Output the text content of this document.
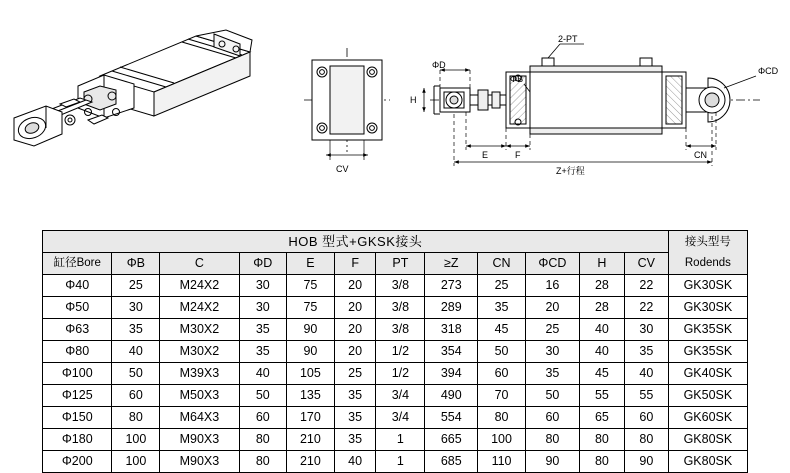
CV
ΦD
H
2-PT
ΦB
ΦCD
E	F	CN
Z+行程
HOB 型式+GKSK接头												接头型号 Rodends
缸径Bore	ΦB	C	ΦD	E	F	PT	≥Z	CN	ΦCD	H	CV	
Φ40	25	M24X2	30	75	20	3/8	273	25	16	28	22	GK30SK
Φ50	30	M24X2	30	75	20	3/8	289	35	20	28	22	GK30SK
Φ63	35	M30X2	35	90	20	3/8	318	45	25	40	30	GK35SK
Φ80	40	M30X2	35	90	20	1/2	354	50	30	40	35	GK35SK
Φ100	50	M39X3	40	105	25	1/2	394	60	35	45	40	GK40SK
Φ125	60	M50X3	50	135	35	3/4	490	70	50	55	55	GK50SK
Φ150	80	M64X3	60	170	35	3/4	554	80	60	65	60	GK60SK
Φ180	100	M90X3	80	210	35	1	665	100	80	80	80	GK80SK
Φ200	100	M90X3	80	210	40	1	685	110	90	80	90	GK80SK
